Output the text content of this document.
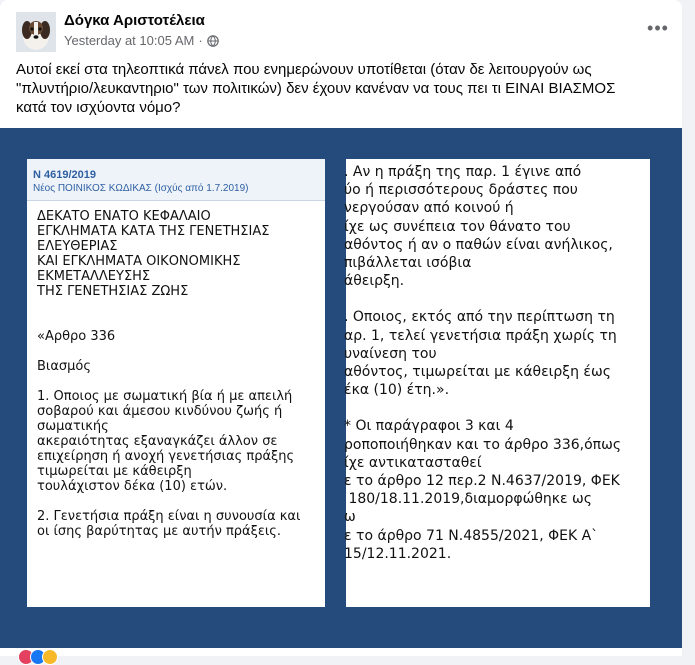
Δόγκα Αριστοτέλεια
Yesterday at 10:05 AM ·
•••

Αυτοί εκεί στα τηλεοπτικά πάνελ που ενημερώνουν υποτίθεται (όταν δε λειτουργούν ως

"πλυντήριο/λευκαντηριο" των πολιτικών) δεν έχουν κανέναν να τους πει τι ΕΙΝΑΙ ΒΙΑΣΜΟΣ

κατά τον ισχύοντα νόμο?

Ν 4619/2019
Νέος ΠΟΙΝΙΚΟΣ ΚΩΔΙΚΑΣ (Ισχύς από 1.7.2019)
ΔΕΚΑΤΟ ΕΝΑΤΟ ΚΕΦΑΛΑΙΟ
ΕΓΚΛΗΜΑΤΑ ΚΑΤΑ ΤΗΣ ΓΕΝΕΤΗΣΙΑΣ
ΕΛΕΥΘΕΡΙΑΣ
ΚΑΙ ΕΓΚΛΗΜΑΤΑ ΟΙΚΟΝΟΜΙΚΗΣ
ΕΚΜΕΤΑΛΛΕΥΣΗΣ
ΤΗΣ ΓΕΝΕΤΗΣΙΑΣ ΖΩΗΣ
«Αρθρο 336
Βιασμός
1. Οποιος με σωματική βία ή με απειλή
σοβαρού και άμεσου κινδύνου ζωής ή
σωματικής
ακεραιότητας εξαναγκάζει άλλον σε
επιχείρηση ή ανοχή γενετήσιας πράξης
τιμωρείται με κάθειρξη
τουλάχιστον δέκα (10) ετών.
2. Γενετήσια πράξη είναι η συνουσία και
οι ίσης βαρύτητας με αυτήν πράξεις.
. Αν η πράξη της παρ. 1 έγινε από
ύο ή περισσότερους δράστες που
νεργούσαν από κοινού ή
ίχε ως συνέπεια τον θάνατο του
αθόντος ή αν ο παθών είναι ανήλικος,
πιβάλλεται ισόβια
άθειρξη.
. Οποιος, εκτός από την περίπτωση τη
αρ. 1, τελεί γενετήσια πράξη χωρίς τη
υναίνεση του
αθόντος, τιμωρείται με κάθειρξη έως
έκα (10) έτη.».
* Οι παράγραφοι 3 και 4
ροποποιήθηκαν και το άρθρο 336,όπως
ίχε αντικατασταθεί
ε το άρθρο 12 περ.2 Ν.4637/2019, ΦΕΚ
180/18.11.2019,διαμορφώθηκε ως
ω
ε το άρθρο 71 Ν.4855/2021, ΦΕΚ Α`
15/12.11.2021.
